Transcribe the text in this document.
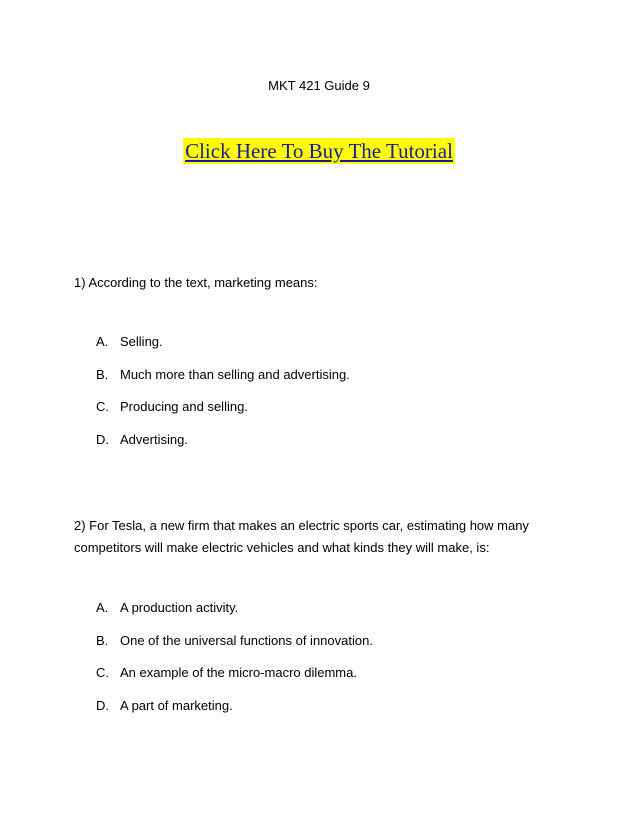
MKT 421 Guide 9
Click Here To Buy The Tutorial
1) According to the text, marketing means:
A. Selling.
B. Much more than selling and advertising.
C. Producing and selling.
D. Advertising.
2) For Tesla, a new firm that makes an electric sports car, estimating how many competitors will make electric vehicles and what kinds they will make, is:
A. A production activity.
B. One of the universal functions of innovation.
C. An example of the micro-macro dilemma.
D. A part of marketing.
